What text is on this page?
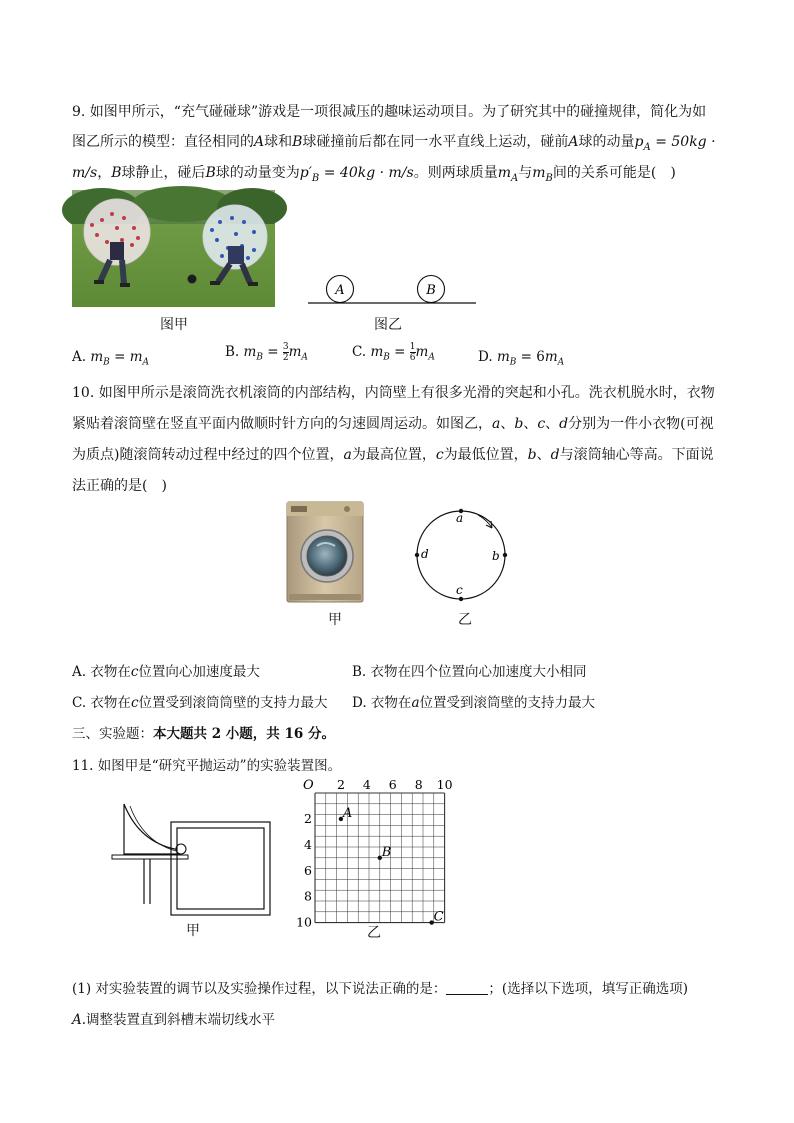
9. 如图甲所示，“充气碰碰球”游戏是一项很减压的趣味运动项目。为了研究其中的碰撞规律，简化为如
图乙所示的模型：直径相同的A球和B球碰撞前后都在同一水平直线上运动，碰前A球的动量$p_A = 50kg$ ·
m/s，B球静止，碰后B球的动量变为$p'_B = 40kg \cdot m/s$。则两球质量$m_A$与$m_B$间的关系可能是(　)
图甲
A	B
图乙
A. $m_B = m_A$
B. $m_B = \frac{3}{2} m_A$	C. $m_B = \frac{1}{6} m_A$	D. $m_B = 6m_A$
10. 如图甲所示是滚筒洗衣机滚筒的内部结构，内筒壁上有很多光滑的突起和小孔。洗衣机脱水时，衣物
紧贴着滚筒壁在竖直平面内做顺时针方向的匀速圆周运动。如图乙，a、b、c、d分别为一件小衣物(可视
为质点)随滚筒转动过程中经过的四个位置，a为最高位置，c为最低位置，b、d与滚筒轴心等高。下面说
法正确的是(　)
甲
a
b
c
d
乙
A. 衣物在c位置向心加速度最大	B. 衣物在四个位置向心加速度大小相同
C. 衣物在c位置受到滚筒筒壁的支持力最大 D. 衣物在a位置受到滚筒壁的支持力最大
三、实验题：本大题共 2 小题，共 16 分。
11. 如图甲是“研究平抛运动”的实验装置图。
甲
O 2 4 6 8 10
2
4
6
8
10
A
B
C
乙
(1) 对实验装置的调节以及实验操作过程，以下说法正确的是：	；(选择以下选项，填写正确选项)
A.调整装置直到斜槽末端切线水平
